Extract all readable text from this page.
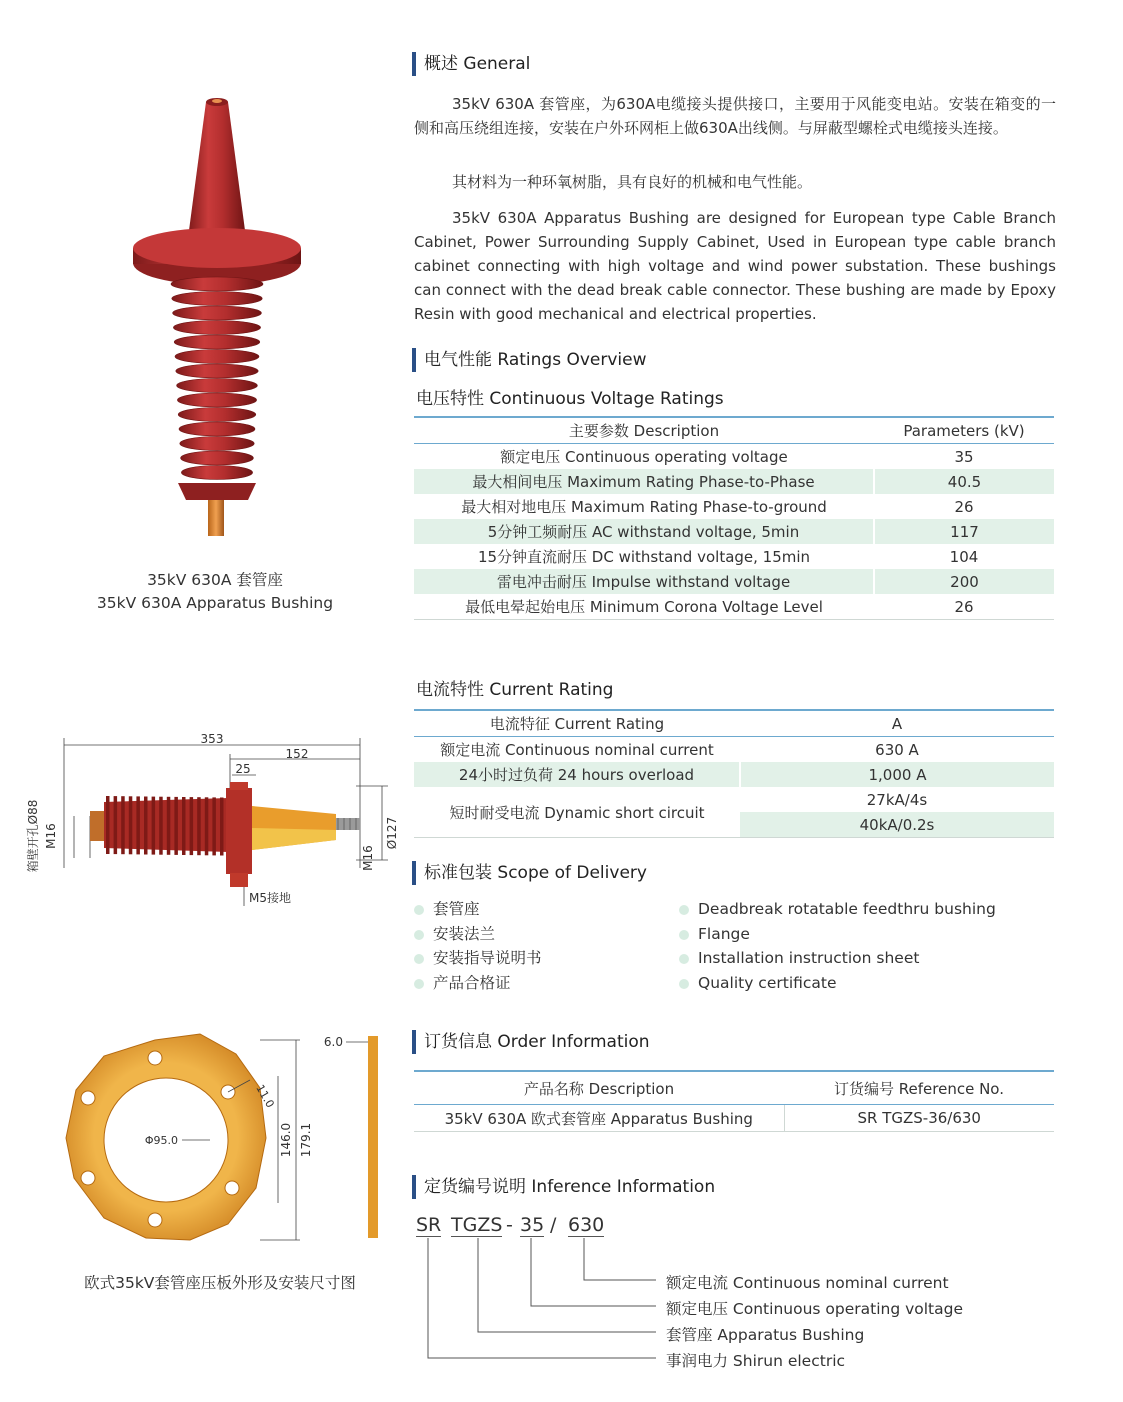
35kV 630A 套管座
35kV 630A Apparatus Bushing
概述 General

35kV 630A 套管座，为630A电缆接头提供接口，主要用于风能变电站。安装在箱变的一侧和高压绕组连接，安装在户外环网柜上做630A出线侧。与屏蔽型螺栓式电缆接头连接。

其材料为一种环氧树脂，具有良好的机械和电气性能。

35kV 630A Apparatus Bushing are designed for European type Cable Branch Cabinet, Power Surrounding Supply Cabinet, Used in European type cable branch cabinet connecting with high voltage and wind power substation. These bushings can connect with the dead break cable connector. These bushing are made by Epoxy Resin with good mechanical and electrical properties.

电气性能 Ratings Overview
电压特性 Continuous Voltage Ratings
主要参数 Description	Parameters (kV)
额定电压 Continuous operating voltage	35
最大相间电压 Maximum Rating Phase-to-Phase	40.5
最大相对地电压 Maximum Rating Phase-to-ground	26
5分钟工频耐压 AC withstand voltage, 5min	117
15分钟直流耐压 DC withstand voltage, 15min	104
雷电冲击耐压 Impulse withstand voltage	200
最低电晕起始电压 Minimum Corona Voltage Level	26
电流特性 Current Rating
电流特征 Current Rating	A
额定电流 Continuous nominal current	630 A
24小时过负荷 24 hours overload	1,000 A
短时耐受电流 Dynamic short circuit	27kA/4s
	40kA/0.2s
353
152
25
Ø127
M16
M16
箱壁开孔Ø88
M5接地
Φ95.0
11.0
146.0 179.1
6.0
欧式35kV套管座压板外形及安装尺寸图
标准包装 Scope of Delivery
套管座
安装法兰
安装指导说明书
产品合格证
Deadbreak rotatable feedthru bushing
Flange
Installation instruction sheet
Quality certificate
订货信息 Order Information
产品名称 Description	订货编号 Reference No.
35kV 630A 欧式套管座 Apparatus Bushing	SR TGZS-36/630
定货编号说明 Inference Information
SR TGZS - 35 / 630
额定电流 Continuous nominal current
额定电压 Continuous operating voltage
套管座 Apparatus Bushing
事润电力 Shirun electric
